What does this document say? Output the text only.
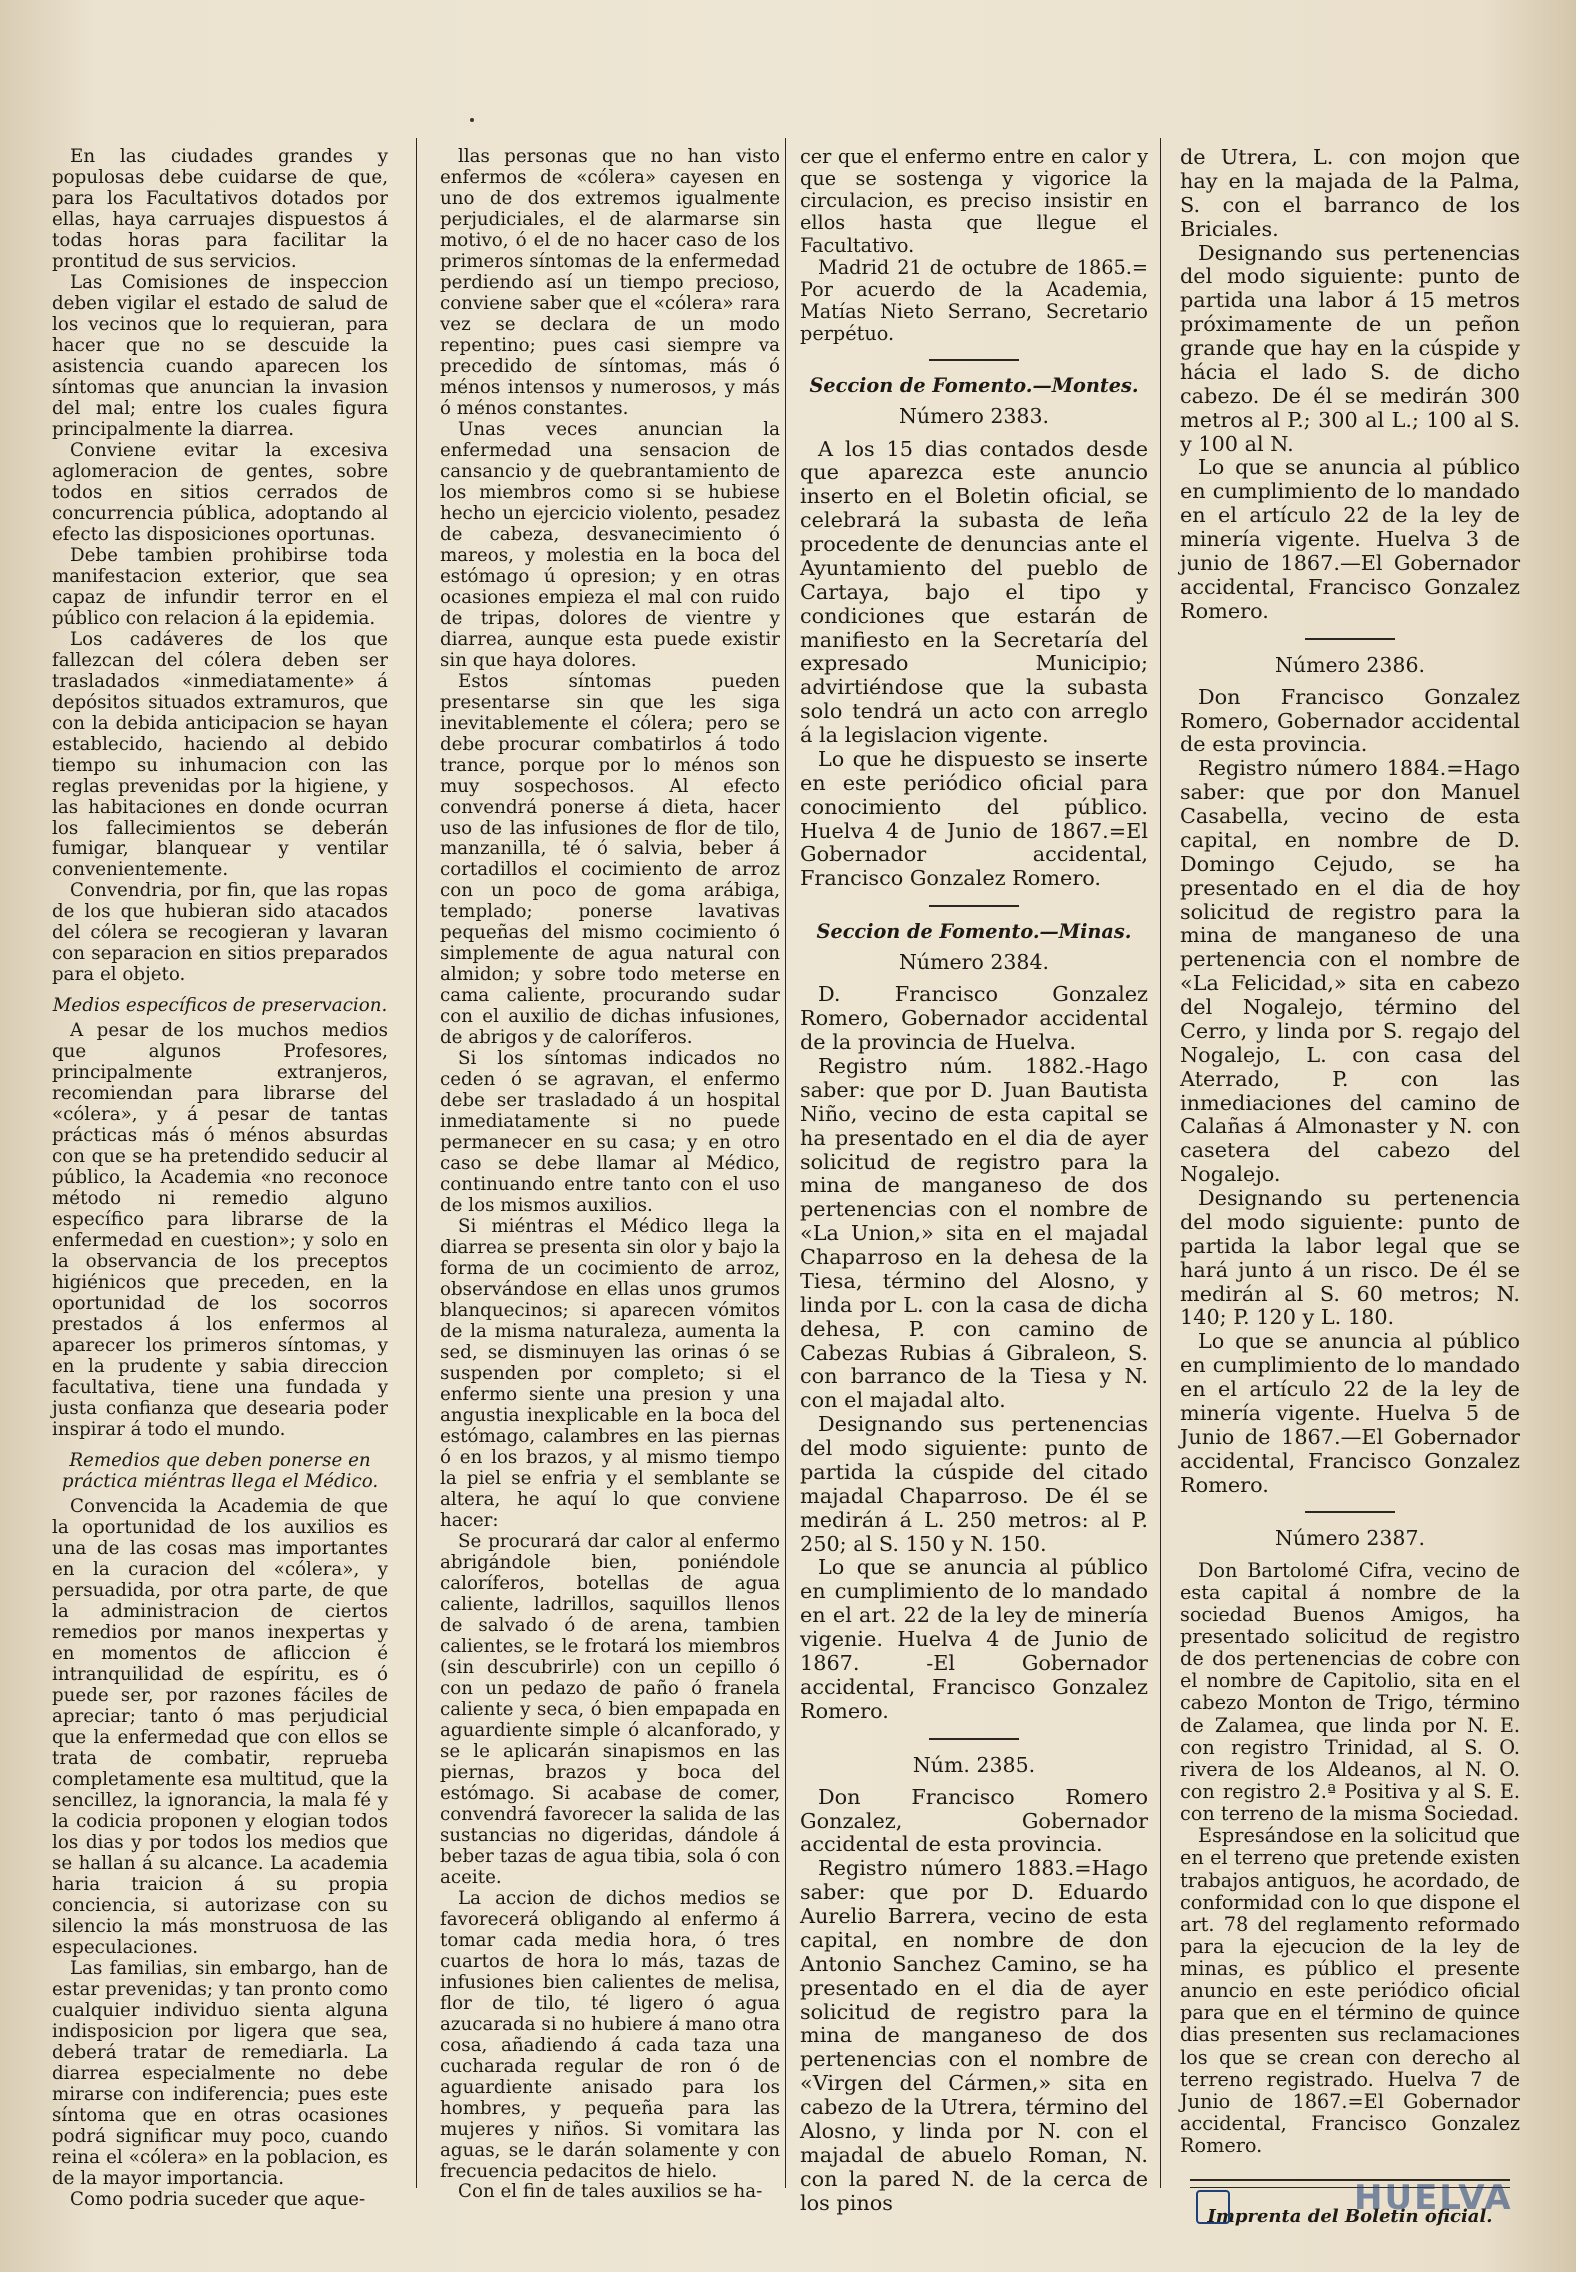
En las ciudades grandes y populosas debe cuidarse de que, para los Facultativos dotados por ellas, haya carruajes dispuestos á todas horas para facilitar la prontitud de sus servicios.

Las Comisiones de inspeccion deben vigilar el estado de salud de los vecinos que lo requieran, para hacer que no se descuide la asistencia cuando aparecen los síntomas que anuncian la invasion del mal; entre los cuales figura principalmente la diarrea.

Conviene evitar la excesiva aglomeracion de gentes, sobre todos en sitios cerrados de concurrencia pública, adoptando al efecto las disposiciones oportunas.

Debe tambien prohibirse toda manifestacion exterior, que sea capaz de infundir terror en el público con relacion á la epidemia.

Los cadáveres de los que fallezcan del cólera deben ser trasladados «inmediatamente» á depósitos situados extramuros, que con la debida anticipacion se hayan establecido, haciendo al debido tiempo su inhumacion con las reglas prevenidas por la higiene, y las habitaciones en donde ocurran los fallecimientos se deberán fumigar, blanquear y ventilar convenientemente.

Convendria, por fin, que las ropas de los que hubieran sido atacados del cólera se recogieran y lavaran con separacion en sitios preparados para el objeto.

Medios específicos de preservacion.

A pesar de los muchos medios que algunos Profesores, principalmente extranjeros, recomiendan para librarse del «cólera», y á pesar de tantas prácticas más ó ménos absurdas con que se ha pretendido seducir al público, la Academia «no reconoce método ni remedio alguno específico para librarse de la enfermedad en cuestion»; y solo en la observancia de los preceptos higiénicos que preceden, en la oportunidad de los socorros prestados á los enfermos al aparecer los primeros síntomas, y en la prudente y sabia direccion facultativa, tiene una fundada y justa confianza que desearia poder inspirar á todo el mundo.

Remedios que deben ponerse en práctica miéntras llega el Médico.

Convencida la Academia de que la oportunidad de los auxilios es una de las cosas mas importantes en la curacion del «cólera», y persuadida, por otra parte, de que la administracion de ciertos remedios por manos inexpertas y en momentos de afliccion é intranquilidad de espíritu, es ó puede ser, por razones fáciles de apreciar; tanto ó mas perjudicial que la enfermedad que con ellos se trata de combatir, reprueba completamente esa multitud, que la sencillez, la ignorancia, la mala fé y la codicia proponen y elogian todos los dias y por todos los medios que se hallan á su alcance. La academia haria traicion á su propia conciencia, si autorizase con su silencio la más monstruosa de las especulaciones.

Las familias, sin embargo, han de estar prevenidas; y tan pronto como cualquier individuo sienta alguna indisposicion por ligera que sea, deberá tratar de remediarla. La diarrea especialmente no debe mirarse con indiferencia; pues este síntoma que en otras ocasiones podrá significar muy poco, cuando reina el «cólera» en la poblacion, es de la mayor importancia.

Como podria suceder que aque-

llas personas que no han visto enfermos de «cólera» cayesen en uno de dos extremos igualmente perjudiciales, el de alarmarse sin motivo, ó el de no hacer caso de los primeros síntomas de la enfermedad perdiendo así un tiempo precioso, conviene saber que el «cólera» rara vez se declara de un modo repentino; pues casi siempre va precedido de síntomas, más ó ménos intensos y numerosos, y más ó ménos constantes.

Unas veces anuncian la enfermedad una sensacion de cansancio y de quebrantamiento de los miembros como si se hubiese hecho un ejercicio violento, pesadez de cabeza, desvanecimiento ó mareos, y molestia en la boca del estómago ú opresion; y en otras ocasiones empieza el mal con ruido de tripas, dolores de vientre y diarrea, aunque esta puede existir sin que haya dolores.

Estos síntomas pueden presentarse sin que les siga inevitablemente el cólera; pero se debe procurar combatirlos á todo trance, porque por lo ménos son muy sospechosos. Al efecto convendrá ponerse á dieta, hacer uso de las infusiones de flor de tilo, manzanilla, té ó salvia, beber á cortadillos el cocimiento de arroz con un poco de goma arábiga, templado; ponerse lavativas pequeñas del mismo cocimiento ó simplemente de agua natural con almidon; y sobre todo meterse en cama caliente, procurando sudar con el auxilio de dichas infusiones, de abrigos y de caloríferos.

Si los síntomas indicados no ceden ó se agravan, el enfermo debe ser trasladado á un hospital inmediatamente si no puede permanecer en su casa; y en otro caso se debe llamar al Médico, continuando entre tanto con el uso de los mismos auxilios.

Si miéntras el Médico llega la diarrea se presenta sin olor y bajo la forma de un cocimiento de arroz, observándose en ellas unos grumos blanquecinos; si aparecen vómitos de la misma naturaleza, aumenta la sed, se disminuyen las orinas ó se suspenden por completo; si el enfermo siente una presion y una angustia inexplicable en la boca del estómago, calambres en las piernas ó en los brazos, y al mismo tiempo la piel se enfria y el semblante se altera, he aquí lo que conviene hacer:

Se procurará dar calor al enfermo abrigándole bien, poniéndole caloríferos, botellas de agua caliente, ladrillos, saquillos llenos de salvado ó de arena, tambien calientes, se le frotará los miembros (sin descubrirle) con un cepillo ó con un pedazo de paño ó franela caliente y seca, ó bien empapada en aguardiente simple ó alcanforado, y se le aplicarán sinapismos en las piernas, brazos y boca del estómago. Si acabase de comer, convendrá favorecer la salida de las sustancias no digeridas, dándole á beber tazas de agua tibia, sola ó con aceite.

La accion de dichos medios se favorecerá obligando al enfermo á tomar cada media hora, ó tres cuartos de hora lo más, tazas de infusiones bien calientes de melisa, flor de tilo, té ligero ó agua azucarada si no hubiere á mano otra cosa, añadiendo á cada taza una cucharada regular de ron ó de aguardiente anisado para los hombres, y pequeña para las mujeres y niños. Si vomitara las aguas, se le darán solamente y con frecuencia pedacitos de hielo.

Con el fin de tales auxilios se ha-

cer que el enfermo entre en calor y que se sostenga y vigorice la circulacion, es preciso insistir en ellos hasta que llegue el Facultativo.

Madrid 21 de octubre de 1865.= Por acuerdo de la Academia, Matías Nieto Serrano, Secretario perpétuo.

Seccion de Fomento.—Montes.

Número 2383.

A los 15 dias contados desde que aparezca este anuncio inserto en el Boletin oficial, se celebrará la subasta de leña procedente de denuncias ante el Ayuntamiento del pueblo de Cartaya, bajo el tipo y condiciones que estarán de manifiesto en la Secretaría del expresado Municipio; advirtiéndose que la subasta solo tendrá un acto con arreglo á la legislacion vigente.

Lo que he dispuesto se inserte en este periódico oficial para conocimiento del público. Huelva 4 de Junio de 1867.=El Gobernador accidental, Francisco Gonzalez Romero.

Seccion de Fomento.—Minas.

Número 2384.

D. Francisco Gonzalez Romero, Gobernador accidental de la provincia de Huelva.

Registro núm. 1882.-Hago saber: que por D. Juan Bautista Niño, vecino de esta capital se ha presentado en el dia de ayer solicitud de registro para la mina de manganeso de dos pertenencias con el nombre de «La Union,» sita en el majadal Chaparroso en la dehesa de la Tiesa, término del Alosno, y linda por L. con la casa de dicha dehesa, P. con camino de Cabezas Rubias á Gibraleon, S. con barranco de la Tiesa y N. con el majadal alto.

Designando sus pertenencias del modo siguiente: punto de partida la cúspide del citado majadal Chaparroso. De él se medirán á L. 250 metros: al P. 250; al S. 150 y N. 150.

Lo que se anuncia al público en cumplimiento de lo mandado en el art. 22 de la ley de minería vigenie. Huelva 4 de Junio de 1867. -El Gobernador accidental, Francisco Gonzalez Romero.

Núm. 2385.

Don Francisco Romero Gonzalez, Gobernador accidental de esta provincia.

Registro número 1883.=Hago saber: que por D. Eduardo Aurelio Barrera, vecino de esta capital, en nombre de don Antonio Sanchez Camino, se ha presentado en el dia de ayer solicitud de registro para la mina de manganeso de dos pertenencias con el nombre de «Virgen del Cármen,» sita en cabezo de la Utrera, término del Alosno, y linda por N. con el majadal de abuelo Roman, N. con la pared N. de la cerca de los pinos

de Utrera, L. con mojon que hay en la majada de la Palma, S. con el barranco de los Briciales.

Designando sus pertenencias del modo siguiente: punto de partida una labor á 15 metros próximamente de un peñon grande que hay en la cúspide y hácia el lado S. de dicho cabezo. De él se medirán 300 metros al P.; 300 al L.; 100 al S. y 100 al N.

Lo que se anuncia al público en cumplimiento de lo mandado en el artículo 22 de la ley de minería vigente. Huelva 3 de junio de 1867.—El Gobernador accidental, Francisco Gonzalez Romero.

Número 2386.

Don Francisco Gonzalez Romero, Gobernador accidental de esta provincia.

Registro número 1884.=Hago saber: que por don Manuel Casabella, vecino de esta capital, en nombre de D. Domingo Cejudo, se ha presentado en el dia de hoy solicitud de registro para la mina de manganeso de una pertenencia con el nombre de «La Felicidad,» sita en cabezo del Nogalejo, término del Cerro, y linda por S. regajo del Nogalejo, L. con casa del Aterrado, P. con las inmediaciones del camino de Calañas á Almonaster y N. con casetera del cabezo del Nogalejo.

Designando su pertenencia del modo siguiente: punto de partida la labor legal que se hará junto á un risco. De él se medirán al S. 60 metros; N. 140; P. 120 y L. 180.

Lo que se anuncia al público en cumplimiento de lo mandado en el artículo 22 de la ley de minería vigente. Huelva 5 de Junio de 1867.—El Gobernador accidental, Francisco Gonzalez Romero.

Número 2387.

Don Bartolomé Cifra, vecino de esta capital á nombre de la sociedad Buenos Amigos, ha presentado solicitud de registro de dos pertenencias de cobre con el nombre de Capitolio, sita en el cabezo Monton de Trigo, término de Zalamea, que linda por N. E. con registro Trinidad, al S. O. rivera de los Aldeanos, al N. O. con registro 2.ª Positiva y al S. E. con terreno de la misma Sociedad.

Espresándose en la solicitud que en el terreno que pretende existen trabajos antiguos, he acordado, de conformidad con lo que dispone el art. 78 del reglamento reformado para la ejecucion de la ley de minas, es público el presente anuncio en este periódico oficial para que en el término de quince dias presenten sus reclamaciones los que se crean con derecho al terreno registrado. Huelva 7 de Junio de 1867.=El Gobernador accidental, Francisco Gonzalez Romero.

Imprenta del Boletin oficial.

HUELVA
